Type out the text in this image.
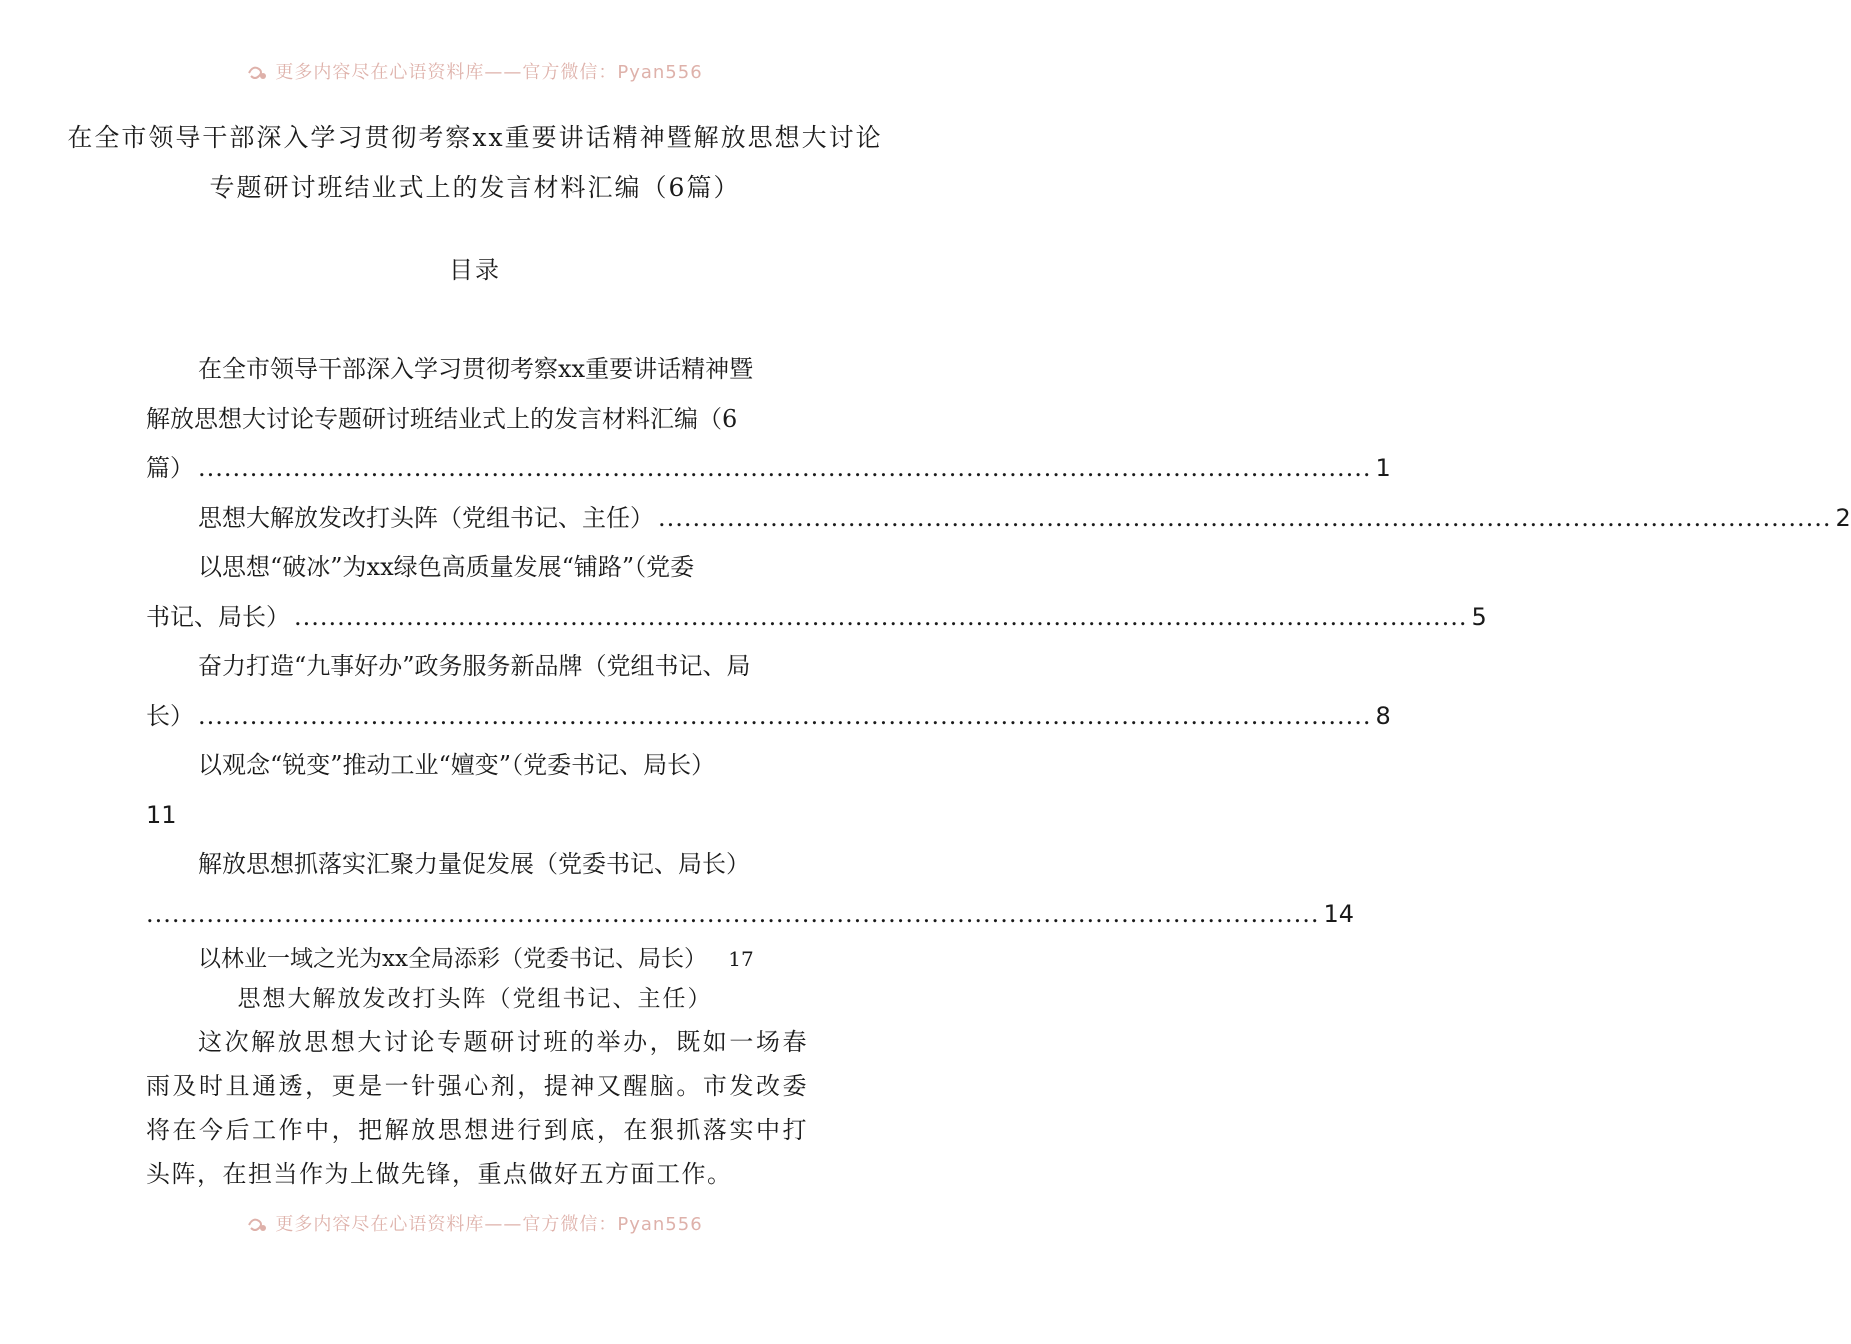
更多内容尽在心语资料库——官方微信：Pyan556
在全市领导干部深入学习贯彻考察xx重要讲话精神暨解放思想大讨论专题研讨班结业式上的发言材料汇编（6篇）
目录
在全市领导干部深入学习贯彻考察xx重要讲话精神暨
解放思想大讨论专题研讨班结业式上的发言材料汇编（6
篇） ........................................................................................................................................ 1
思想大解放发改打头阵（党组书记、主任） ........................................................................................................................................ 2
以思想“破冰”为xx绿色高质量发展“铺路”（党委
书记、局长） ........................................................................................................................................ 5
奋力打造“九事好办”政务服务新品牌（党组书记、局
长） ........................................................................................................................................ 8
以观念“锐变”推动工业“嬗变”（党委书记、局长）
11
解放思想抓落实汇聚力量促发展（党委书记、局长）
........................................................................................................................................ 14
以林业一域之光为xx全局添彩（党委书记、局长） 17
思想大解放发改打头阵（党组书记、主任）
这次解放思想大讨论专题研讨班的举办，既如一场春雨及时且通透，更是一针强心剂，提神又醒脑。市发改委将在今后工作中，把解放思想进行到底，在狠抓落实中打头阵，在担当作为上做先锋，重点做好五方面工作。
更多内容尽在心语资料库——官方微信：Pyan556
